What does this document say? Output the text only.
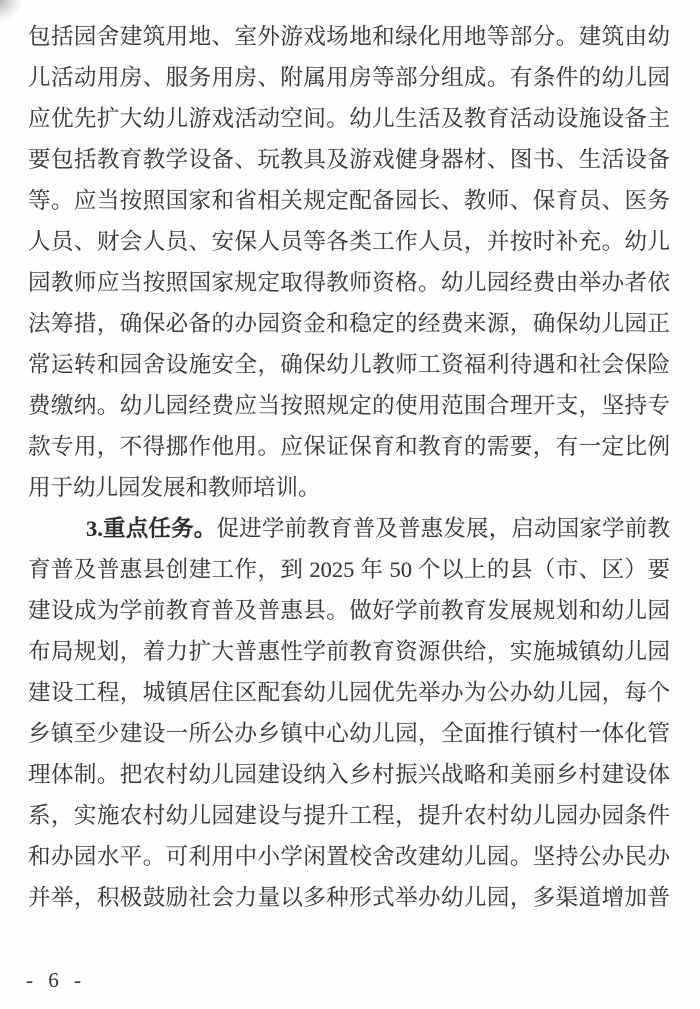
包括园舍建筑用地、室外游戏场地和绿化用地等部分。建筑由幼
儿活动用房、服务用房、附属用房等部分组成。有条件的幼儿园
应优先扩大幼儿游戏活动空间。幼儿生活及教育活动设施设备主
要包括教育教学设备、玩教具及游戏健身器材、图书、生活设备
等。应当按照国家和省相关规定配备园长、教师、保育员、医务
人员、财会人员、安保人员等各类工作人员，并按时补充。幼儿
园教师应当按照国家规定取得教师资格。幼儿园经费由举办者依
法筹措，确保必备的办园资金和稳定的经费来源，确保幼儿园正
常运转和园舍设施安全，确保幼儿教师工资福利待遇和社会保险
费缴纳。幼儿园经费应当按照规定的使用范围合理开支，坚持专
款专用，不得挪作他用。应保证保育和教育的需要，有一定比例
用于幼儿园发展和教师培训。
3.重点任务。促进学前教育普及普惠发展，启动国家学前教
育普及普惠县创建工作，到 2025 年 50 个以上的县（市、区）要
建设成为学前教育普及普惠县。做好学前教育发展规划和幼儿园
布局规划，着力扩大普惠性学前教育资源供给，实施城镇幼儿园
建设工程，城镇居住区配套幼儿园优先举办为公办幼儿园，每个
乡镇至少建设一所公办乡镇中心幼儿园，全面推行镇村一体化管
理体制。把农村幼儿园建设纳入乡村振兴战略和美丽乡村建设体
系，实施农村幼儿园建设与提升工程，提升农村幼儿园办园条件
和办园水平。可利用中小学闲置校舍改建幼儿园。坚持公办民办
并举，积极鼓励社会力量以多种形式举办幼儿园，多渠道增加普
- 6 -
